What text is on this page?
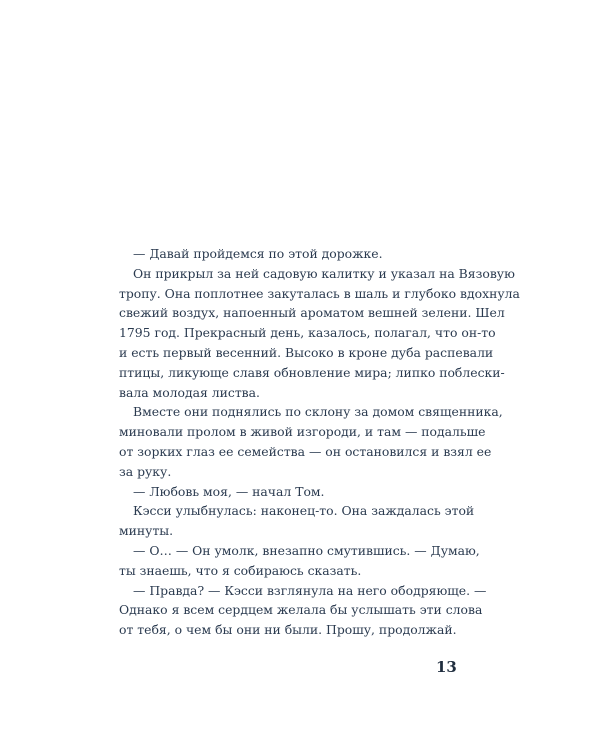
— Давай пройдемся по этой дорожке.
Он прикрыл за ней садовую калитку и указал на Вязовую
тропу. Она поплотнее закуталась в шаль и глубоко вдохнула
свежий воздух, напоенный ароматом вешней зелени. Шел
1795 год. Прекрасный день, казалось, полагал, что он-то
и есть первый весенний. Высоко в кроне дуба распевали
птицы, ликующе славя обновление мира; липко поблески-
вала молодая листва.
Вместе они поднялись по склону за домом священника,
миновали пролом в живой изгороди, и там — подальше
от зорких глаз ее семейства — он остановился и взял ее
за руку.
— Любовь моя, — начал Том.
Кэсси улыбнулась: наконец-то. Она заждалась этой
минуты.
— О… — Он умолк, внезапно смутившись. — Думаю,
ты знаешь, что я собираюсь сказать.
— Правда? — Кэсси взглянула на него ободряюще. —
Однако я всем сердцем желала бы услышать эти слова
от тебя, о чем бы они ни были. Прошу, продолжай.
13
